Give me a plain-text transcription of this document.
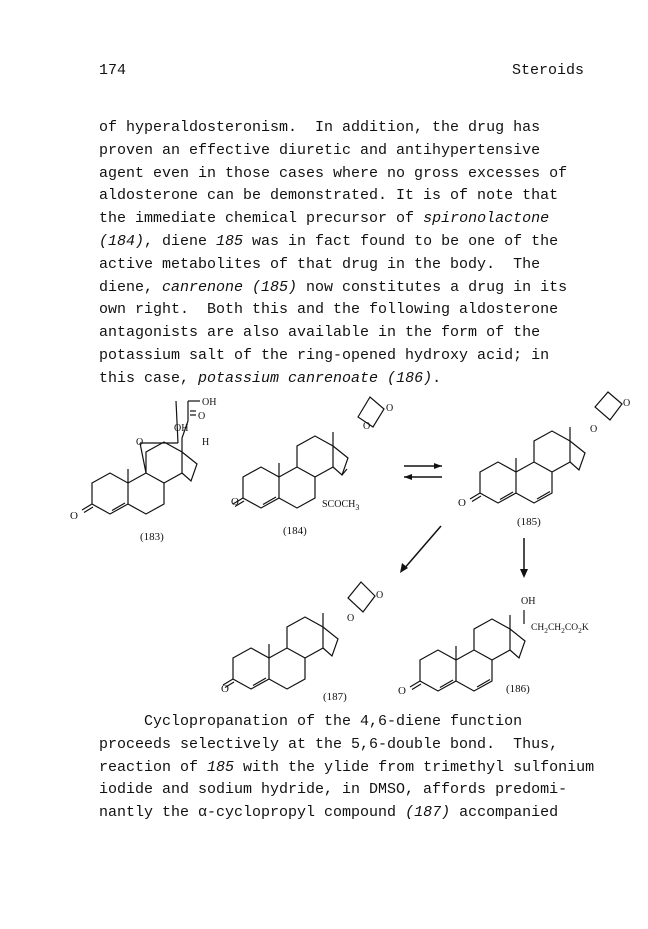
174	Steroids
of hyperaldosteronism.  In addition, the drug has
proven an effective diuretic and antihypertensive
agent even in those cases where no gross excesses of
aldosterone can be demonstrated. It is of note that
the immediate chemical precursor of spironolactone
(184), diene 185 was in fact found to be one of the
active metabolites of that drug in the body.  The
diene, canrenone (185) now constitutes a drug in its
own right.  Both this and the following aldosterone
antagonists are also available in the form of the
potassium salt of the ring-opened hydroxy acid; in
this case, potassium canrenoate (186).
O
OH
OH
O
O
H
(183)
O
O
O
$SCOCH_3$
(184)
O
O
O
(185)
O
O
O
(187)	O
OH
$CH_2CH_2CO_2K$
(186)
Cyclopropanation of the 4,6-diene function
proceeds selectively at the 5,6-double bond.  Thus,
reaction of 185 with the ylide from trimethyl sulfonium
iodide and sodium hydride, in DMSO, affords predomi-
nantly the α-cyclopropyl compound (187) accompanied
